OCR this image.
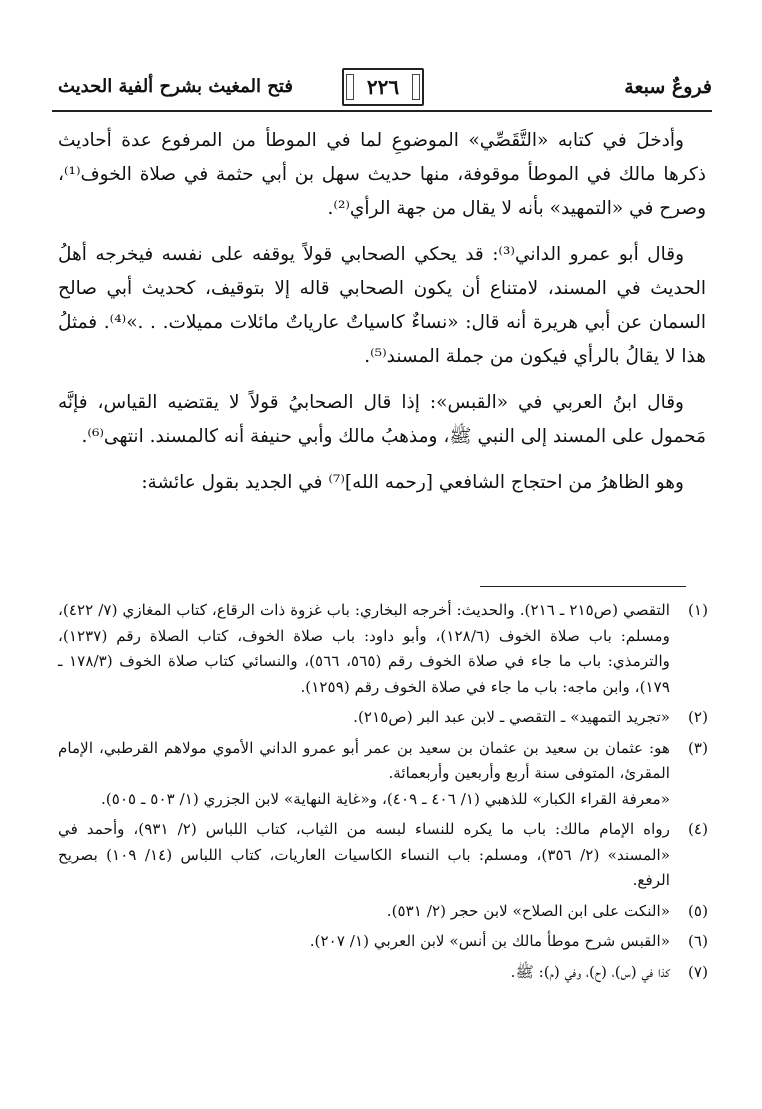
فروعٌ سبعة
٢٢٦
فتح المغيث بشرح ألفية الحديث

وأدخلَ في كتابه «التَّقَصِّي» الموضوعِ لما في الموطأ من المرفوع عدة أحاديث ذكرها مالك في الموطأ موقوفة، منها حديث سهل بن أبي حثمة في صلاة الخوف⁽¹⁾، وصرح في «التمهيد» بأنه لا يقال من جهة الرأي⁽²⁾.

وقال أبو عمرو الداني⁽³⁾: قد يحكي الصحابي قولاً يوقفه على نفسه فيخرجه أهلُ الحديث في المسند، لامتناع أن يكون الصحابي قاله إلا بتوقيف، كحديث أبي صالح السمان عن أبي هريرة أنه قال: «نساءٌ كاسياتٌ عارياتٌ مائلات مميلات. . .»⁽⁴⁾. فمثلُ هذا لا يقالُ بالرأي فيكون من جملة المسند⁽⁵⁾.

وقال ابنُ العربي في «القبس»: إذا قال الصحابيُ قولاً لا يقتضيه القياس، فإنَّه مَحمول على المسند إلى النبي ﷺ، ومذهبُ مالك وأبي حنيفة أنه كالمسند. انتهى⁽⁶⁾.

وهو الظاهرُ من احتجاج الشافعي [رحمه الله]⁽⁷⁾ في الجديد بقول عائشة:

(١)
التقصي (ص٢١٥ ـ ٢١٦). والحديث: أخرجه البخاري: باب غزوة ذات الرقاع، كتاب المغازي (٧/ ٤٢٢)، ومسلم: باب صلاة الخوف (١٢٨/٦)، وأبو داود: باب صلاة الخوف، كتاب الصلاة رقم (١٢٣٧)، والترمذي: باب ما جاء في صلاة الخوف رقم (٥٦٥، ٥٦٦)، والنسائي كتاب صلاة الخوف (١٧٨/٣ ـ ١٧٩)، وابن ماجه: باب ما جاء في صلاة الخوف رقم (١٢٥٩).
(٢)
«تجريد التمهيد» ـ التقصي ـ لابن عبد البر (ص٢١٥).
(٣)
هو: عثمان بن سعيد بن عثمان بن سعيد بن عمر أبو عمرو الداني الأموي مولاهم القرطبي، الإمام المقرئ، المتوفى سنة أربع وأربعين وأربعمائة.
«معرفة القراء الكبار» للذهبي (١/ ٤٠٦ ـ ٤٠٩)، و«غاية النهاية» لابن الجزري (١/ ٥٠٣ ـ ٥٠٥).
(٤)
رواه الإمام مالك: باب ما يكره للنساء لبسه من الثياب، كتاب اللباس (٢/ ٩٣١)، وأحمد في «المسند» (٢/ ٣٥٦)، ومسلم: باب النساء الكاسيات العاريات، كتاب اللباس (١٤/ ١٠٩) بصريح الرفع.
(٥)
«النكت على ابن الصلاح» لابن حجر (٢/ ٥٣١).
(٦)
«القبس شرح موطأ مالك بن أنس» لابن العربي (١/ ٢٠٧).
(٧)
كذا في (س)، (ح)، وفي (م): ﷺ.
